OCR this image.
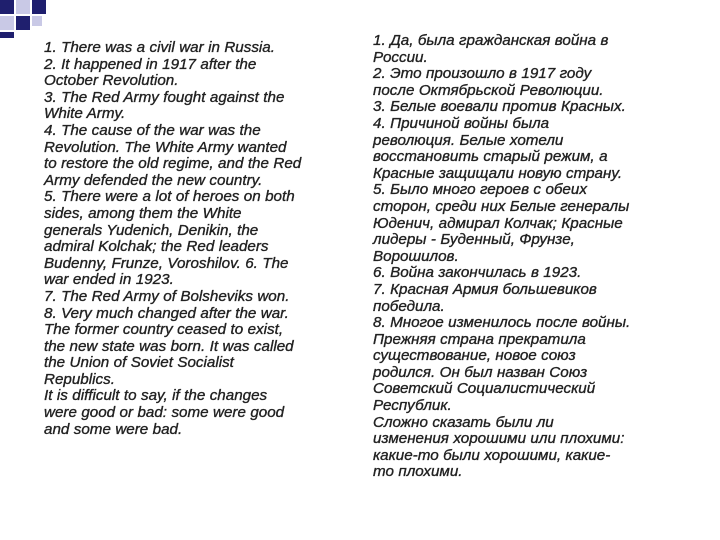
1. There was a civil war in Russia.
2. It happened in 1917 after the
October Revolution.
3. The Red Army fought against the
White Army.
4. The cause of the war was the
Revolution. The White Army wanted
to restore the old regime, and the Red
Army defended the new country.
5. There were a lot of heroes on both
sides, among them the White
generals Yudenich, Denikin, the
admiral Kolchak; the Red leaders
Budenny, Frunze, Voroshilov. 6. The
war ended in 1923.
7. The Red Army of Bolsheviks won.
8. Very much changed after the war.
The former country ceased to exist,
the new state was born. It was called
the Union of Soviet Socialist
Republics.
It is difficult to say, if the changes
were good or bad: some were good
and some were bad.
1. Да, была гражданская война в
России.
2. Это произошло в 1917 году
после Октябрьской Революции.
3. Белые воевали против Красных.
4. Причиной войны была
революция. Белые хотели
восстановить старый режим, а
Красные защищали новую страну.
5. Было много героев с обеих
сторон, среди них Белые генералы
Юденич, адмирал Колчак; Красные
лидеры - Буденный, Фрунзе,
Ворошилов.
6. Война закончилась в 1923.
7. Красная Армия большевиков
победила.
8. Многое изменилось после войны.
Прежняя страна прекратила
существование, новое союз
родился. Он был назван Союз
Советский Социалистический
Республик.
Сложно сказать были ли
изменения хорошими или плохими:
какие-то были хорошими, какие-
то плохими.
